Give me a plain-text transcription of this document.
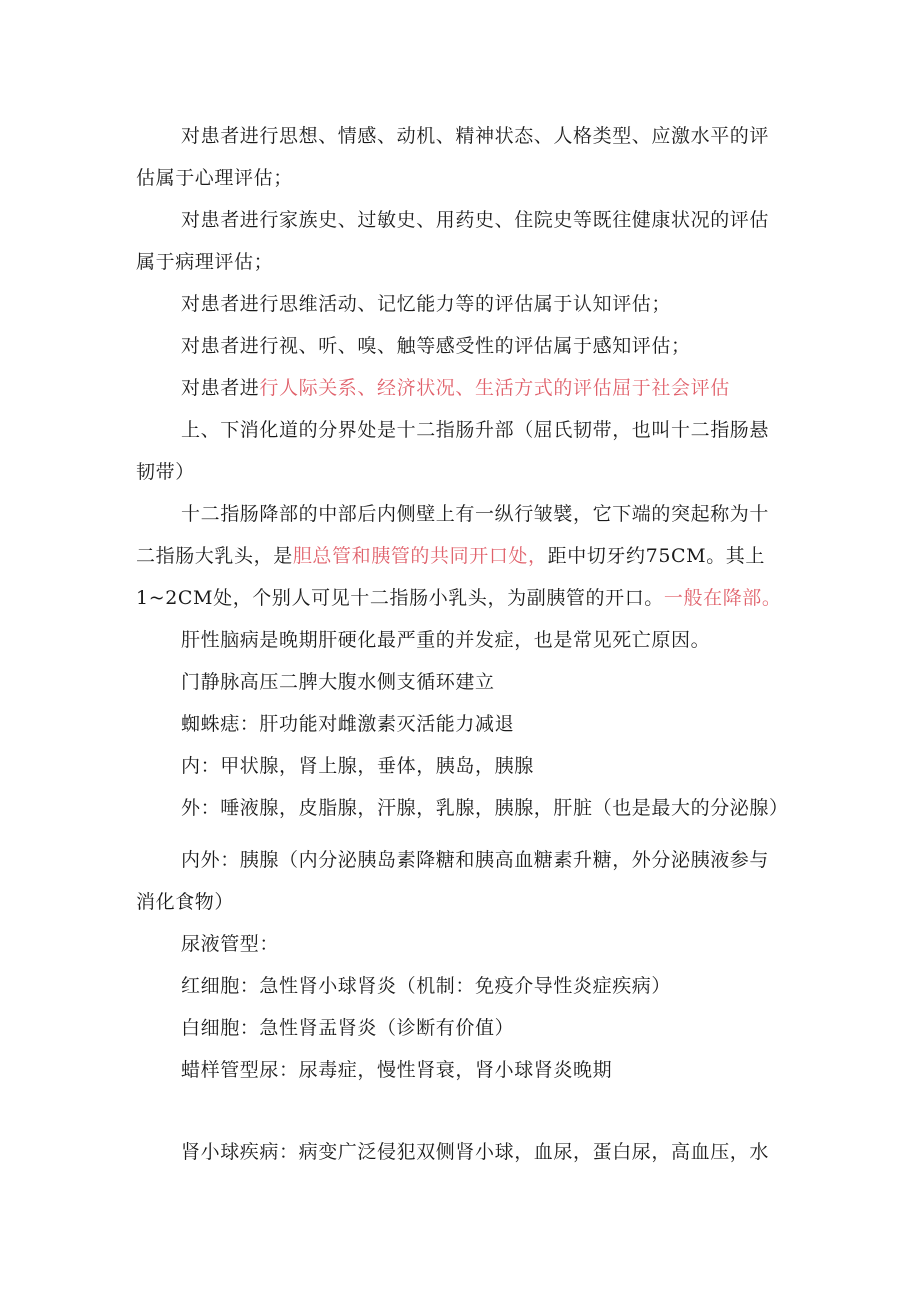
对患者进行思想、情感、动机、精神状态、人格类型、应激水平的评
估属于心理评估；
对患者进行家族史、过敏史、用药史、住院史等既往健康状况的评估
属于病理评估；
对患者进行思维活动、记忆能力等的评估属于认知评估；
对患者进行视、听、嗅、触等感受性的评估属于感知评估；
对患者进行人际关系、经济状况、生活方式的评估屈于社会评估
上、下消化道的分界处是十二指肠升部（屈氏韧带，也叫十二指肠悬
韧带）
十二指肠降部的中部后内侧壁上有一纵行皱襞，它下端的突起称为十
二指肠大乳头，是胆总管和胰管的共同开口处，距中切牙约75CM。其上
1~2CM处，个别人可见十二指肠小乳头，为副胰管的开口。一般在降部。
肝性脑病是晚期肝硬化最严重的并发症，也是常见死亡原因。
门静脉高压二脾大腹水侧支循环建立
蜘蛛痣：肝功能对雌激素灭活能力减退
内：甲状腺，肾上腺，垂体，胰岛，胰腺
外：唾液腺，皮脂腺，汗腺，乳腺，胰腺，肝脏（也是最大的分泌腺）
内外：胰腺（内分泌胰岛素降糖和胰高血糖素升糖，外分泌胰液参与
消化食物）
尿液管型：
红细胞：急性肾小球肾炎（机制：免疫介导性炎症疾病）
白细胞：急性肾盂肾炎（诊断有价值）
蜡样管型尿：尿毒症，慢性肾衰，肾小球肾炎晚期
肾小球疾病：病变广泛侵犯双侧肾小球，血尿，蛋白尿，高血压，水
